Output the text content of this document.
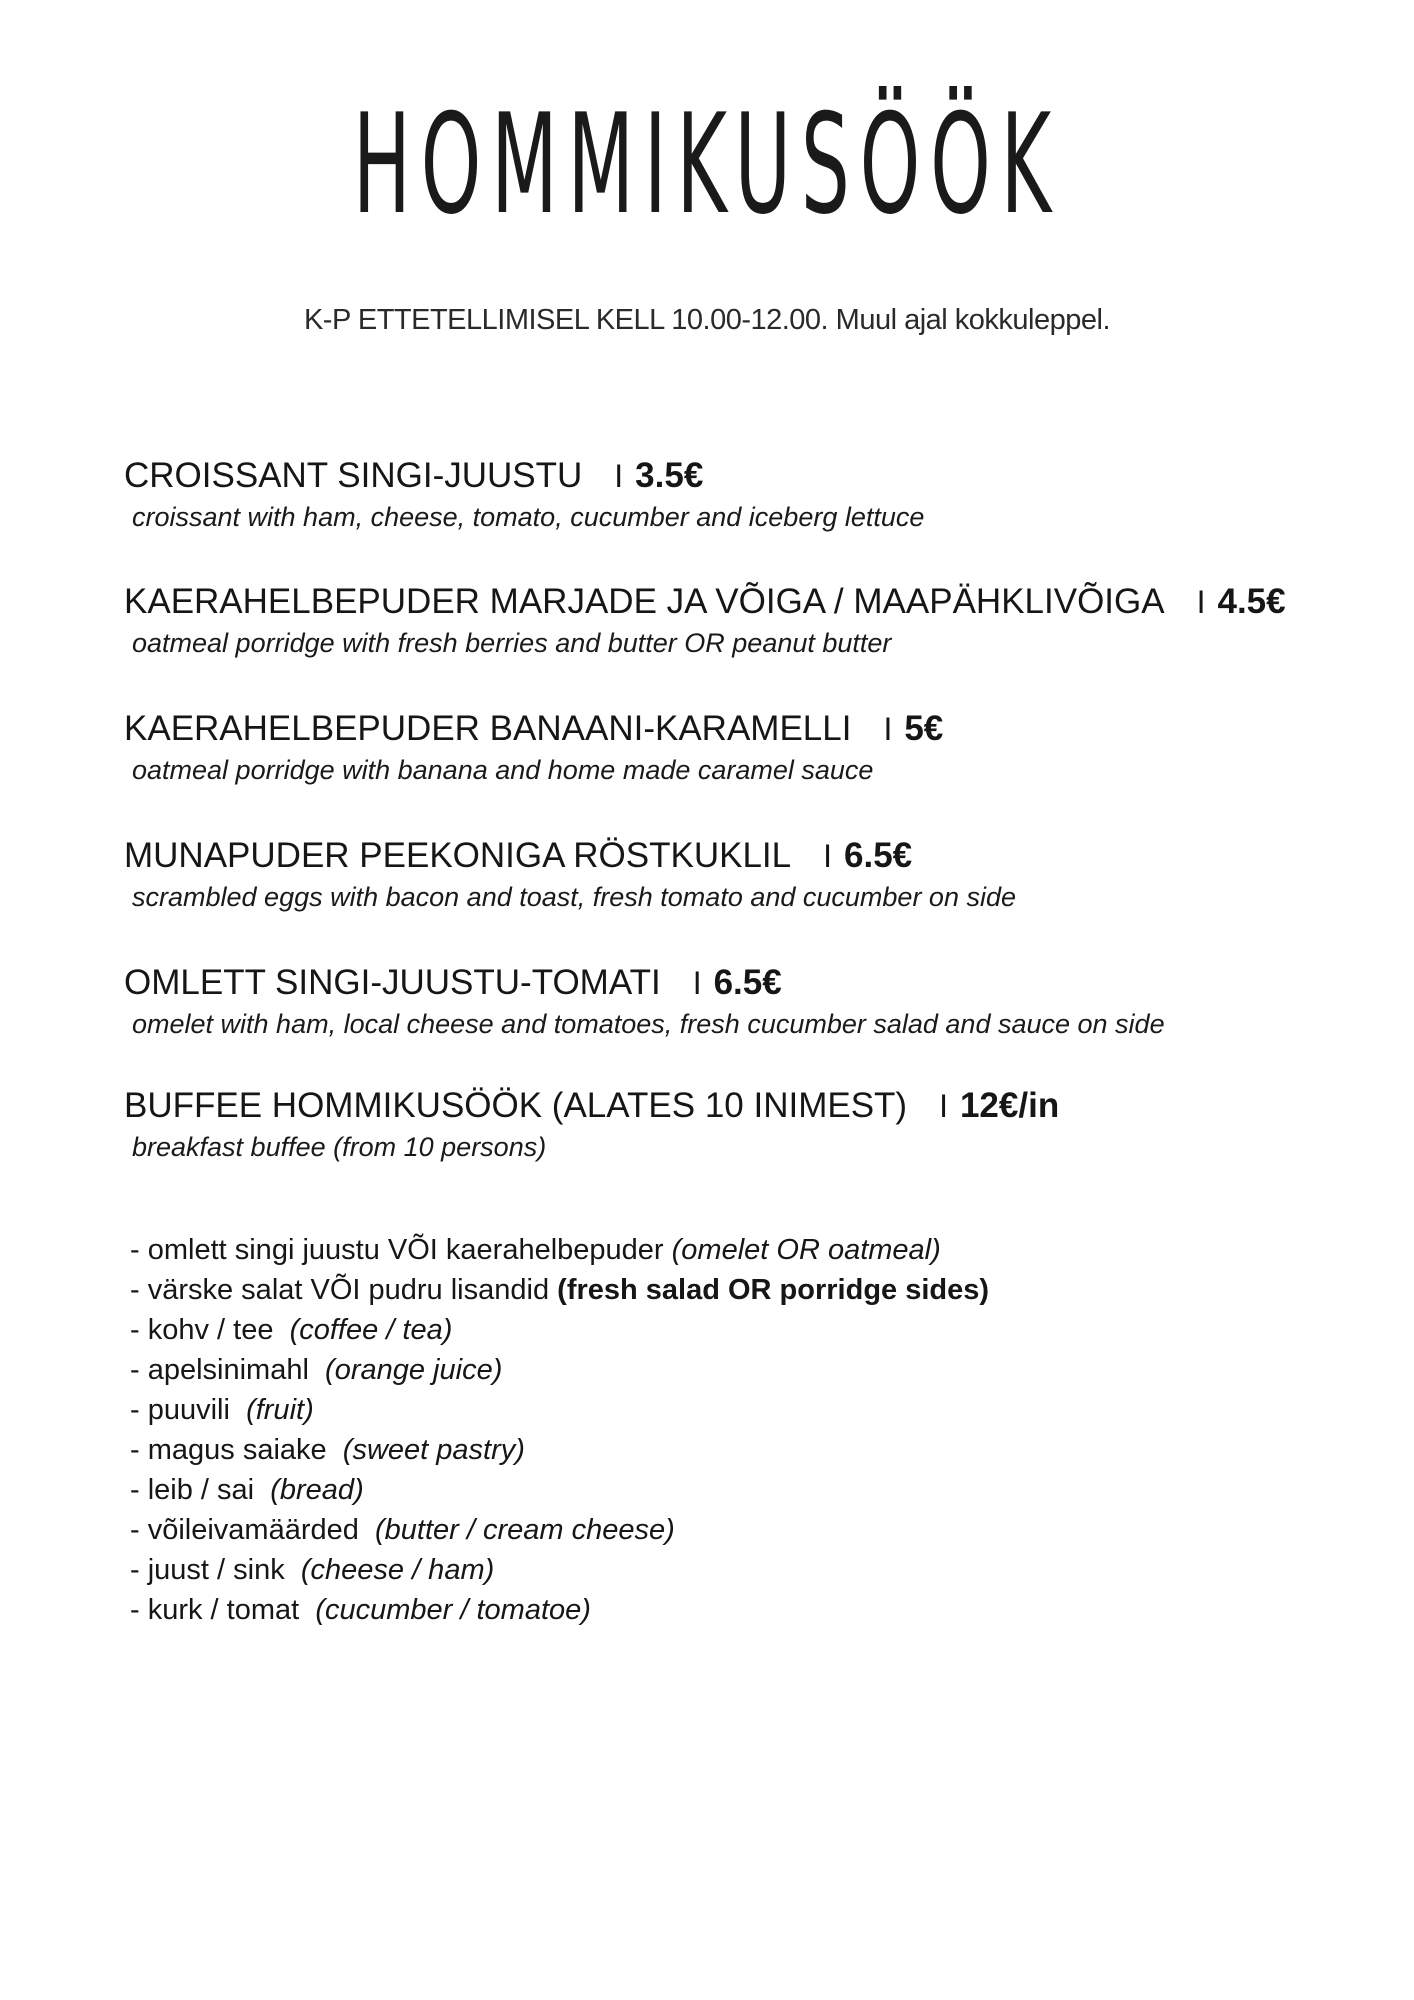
HOMMIKUSÖÖK
K-P ETTETELLIMISEL KELL 10.00-12.00. Muul ajal kokkuleppel.
CROISSANT SINGI-JUUSTU I 3.5€
croissant with ham, cheese, tomato, cucumber and iceberg lettuce
KAERAHELBEPUDER MARJADE JA VÕIGA / MAAPÄHKLIVÕIGA I 4.5€
oatmeal porridge with fresh berries and butter OR peanut butter
KAERAHELBEPUDER BANAANI-KARAMELLI I 5€
oatmeal porridge with banana and home made caramel sauce
MUNAPUDER PEEKONIGA RÖSTKUKLIL I 6.5€
scrambled eggs with bacon and toast, fresh tomato and cucumber on side
OMLETT SINGI-JUUSTU-TOMATI I 6.5€
omelet with ham, local cheese and tomatoes, fresh cucumber salad and sauce on side
BUFFEE HOMMIKUSÖÖK (ALATES 10 INIMEST) I 12€/in
breakfast buffee (from 10 persons)
- omlett singi juustu VÕI kaerahelbepuder (omelet OR oatmeal)
- värske salat VÕI pudru lisandid (fresh salad OR porridge sides)
- kohv / tee (coffee / tea)
- apelsinimahl (orange juice)
- puuvili (fruit)
- magus saiake (sweet pastry)
- leib / sai (bread)
- võileivamäärded (butter / cream cheese)
- juust / sink (cheese / ham)
- kurk / tomat (cucumber / tomatoe)
